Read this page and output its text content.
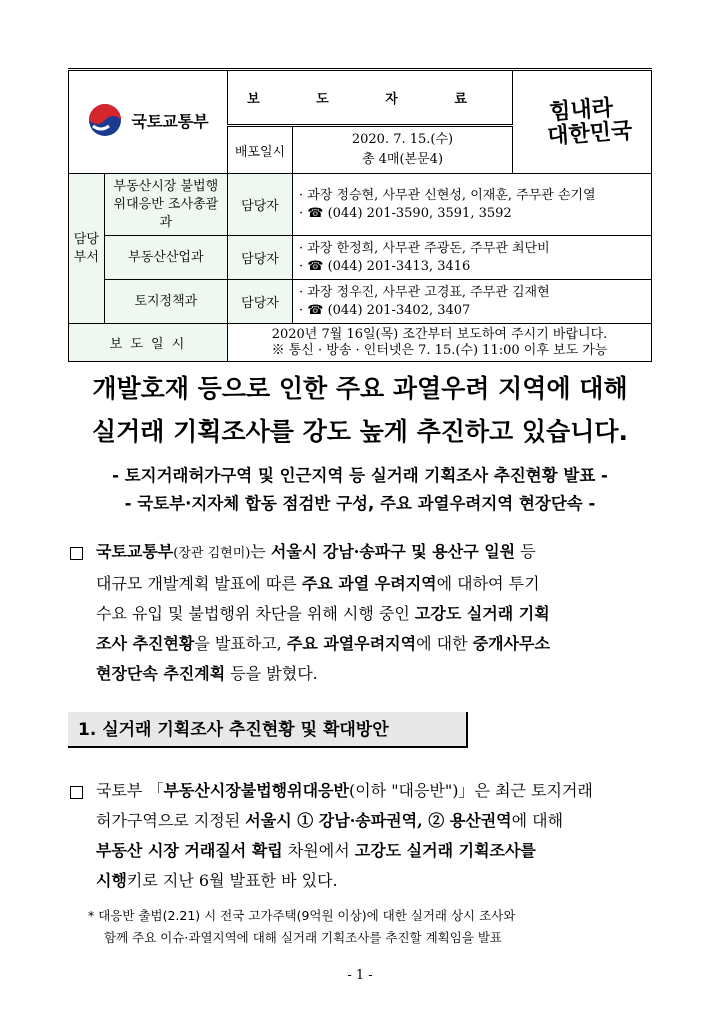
국토교통부		보 도 자 료		힘내라
대한민국

		배포일시	2020. 7. 15.(수)
총 4매(본문4)	

담당 부서	부동산시장 불법행위대응반 조사총괄과	담당자	· 과장 정승현, 사무관 신현성, 이재훈, 주무관 손기열
· ☎ (044) 201-3590, 3591, 3592	

	부동산산업과	담당자	· 과장 한정희, 사무관 주광돈, 주무관 최단비
· ☎ (044) 201-3413, 3416	

	토지정책과	담당자	· 과장 정우진, 사무관 고경표, 주무관 김재현
· ☎ (044) 201-3402, 3407	

보 도 일 시		2020년 7월 16일(목) 조간부터 보도하여 주시기 바랍니다.
※ 통신 · 방송 · 인터넷은 7. 15.(수) 11:00 이후 보도 가능		
개발호재 등으로 인한 주요 과열우려 지역에 대해
실거래 기획조사를 강도 높게 추진하고 있습니다.
- 토지거래허가구역 및 인근지역 등 실거래 기획조사 추진현황 발표 -
- 국토부·지자체 합동 점검반 구성, 주요 과열우려지역 현장단속 -
국토교통부(장관 김현미)는 서울시 강남·송파구 및 용산구 일원 등
대규모 개발계획 발표에 따른 주요 과열 우려지역에 대하여 투기
수요 유입 및 불법행위 차단을 위해 시행 중인 고강도 실거래 기획
조사 추진현황을 발표하고, 주요 과열우려지역에 대한 중개사무소
현장단속 추진계획 등을 밝혔다.
1. 실거래 기획조사 추진현황 및 확대방안
국토부 「부동산시장불법행위대응반(이하 "대응반")」은 최근 토지거래
허가구역으로 지정된 서울시 ① 강남·송파권역, ② 용산권역에 대해
부동산 시장 거래질서 확립 차원에서 고강도 실거래 기획조사를
시행키로 지난 6월 발표한 바 있다.
* 대응반 출범(2.21) 시 전국 고가주택(9억원 이상)에 대한 실거래 상시 조사와
함께 주요 이슈·과열지역에 대해 실거래 기획조사를 추진할 계획임을 발표
- 1 -
